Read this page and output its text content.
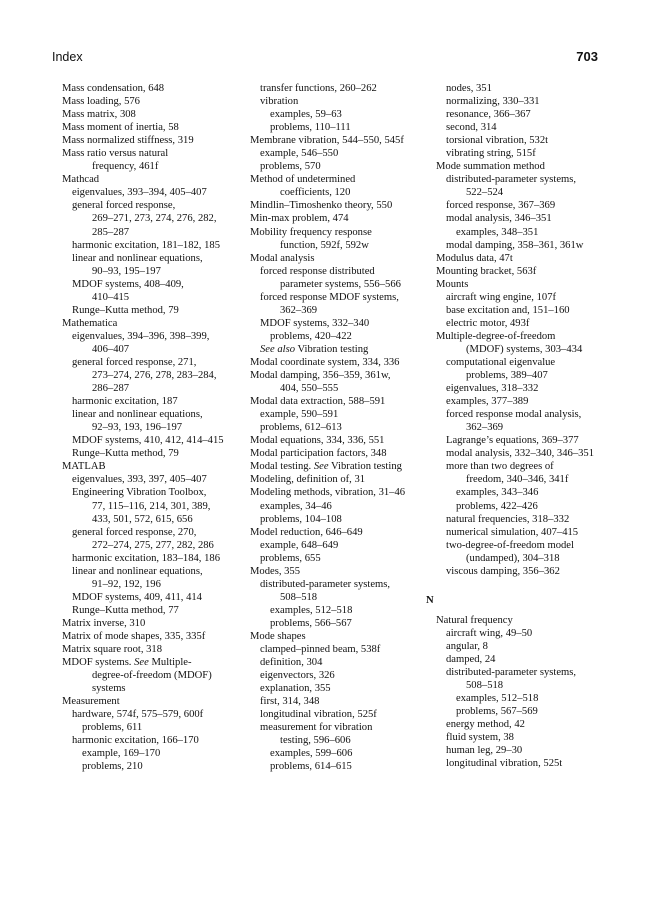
Index	703
Mass condensation, 648
Mass loading, 576
Mass matrix, 308
Mass moment of inertia, 58
Mass normalized stiffness, 319
Mass ratio versus natural
frequency, 461f
Mathcad
eigenvalues, 393–394, 405–407
general forced response,
269–271, 273, 274, 276, 282,
285–287
harmonic excitation, 181–182, 185
linear and nonlinear equations,
90–93, 195–197
MDOF systems, 408–409,
410–415
Runge–Kutta method, 79
Mathematica
eigenvalues, 394–396, 398–399,
406–407
general forced response, 271,
273–274, 276, 278, 283–284,
286–287
harmonic excitation, 187
linear and nonlinear equations,
92–93, 193, 196–197
MDOF systems, 410, 412, 414–415
Runge–Kutta method, 79
MATLAB
eigenvalues, 393, 397, 405–407
Engineering Vibration Toolbox,
77, 115–116, 214, 301, 389,
433, 501, 572, 615, 656
general forced response, 270,
272–274, 275, 277, 282, 286
harmonic excitation, 183–184, 186
linear and nonlinear equations,
91–92, 192, 196
MDOF systems, 409, 411, 414
Runge–Kutta method, 77
Matrix inverse, 310
Matrix of mode shapes, 335, 335f
Matrix square root, 318
MDOF systems. See Multiple-
degree-of-freedom (MDOF)
systems
Measurement
hardware, 574f, 575–579, 600f
problems, 611
harmonic excitation, 166–170
example, 169–170
problems, 210
transfer functions, 260–262
vibration
examples, 59–63
problems, 110–111
Membrane vibration, 544–550, 545f
example, 546–550
problems, 570
Method of undetermined
coefficients, 120
Mindlin–Timoshenko theory, 550
Min-max problem, 474
Mobility frequency response
function, 592f, 592w
Modal analysis
forced response distributed
parameter systems, 556–566
forced response MDOF systems,
362–369
MDOF systems, 332–340
problems, 420–422
See also Vibration testing
Modal coordinate system, 334, 336
Modal damping, 356–359, 361w,
404, 550–555
Modal data extraction, 588–591
example, 590–591
problems, 612–613
Modal equations, 334, 336, 551
Modal participation factors, 348
Modal testing. See Vibration testing
Modeling, definition of, 31
Modeling methods, vibration, 31–46
examples, 34–46
problems, 104–108
Model reduction, 646–649
example, 648–649
problems, 655
Modes, 355
distributed-parameter systems,
508–518
examples, 512–518
problems, 566–567
Mode shapes
clamped–pinned beam, 538f
definition, 304
eigenvectors, 326
explanation, 355
first, 314, 348
longitudinal vibration, 525f
measurement for vibration
testing, 596–606
examples, 599–606
problems, 614–615
nodes, 351
normalizing, 330–331
resonance, 366–367
second, 314
torsional vibration, 532t
vibrating string, 515f
Mode summation method
distributed-parameter systems,
522–524
forced response, 367–369
modal analysis, 346–351
examples, 348–351
modal damping, 358–361, 361w
Modulus data, 47t
Mounting bracket, 563f
Mounts
aircraft wing engine, 107f
base excitation and, 151–160
electric motor, 493f
Multiple-degree-of-freedom
(MDOF) systems, 303–434
computational eigenvalue
problems, 389–407
eigenvalues, 318–332
examples, 377–389
forced response modal analysis,
362–369
Lagrange’s equations, 369–377
modal analysis, 332–340, 346–351
more than two degrees of
freedom, 340–346, 341f
examples, 343–346
problems, 422–426
natural frequencies, 318–332
numerical simulation, 407–415
two-degree-of-freedom model
(undamped), 304–318
viscous damping, 356–362
N
Natural frequency
aircraft wing, 49–50
angular, 8
damped, 24
distributed-parameter systems,
508–518
examples, 512–518
problems, 567–569
energy method, 42
fluid system, 38
human leg, 29–30
longitudinal vibration, 525t
